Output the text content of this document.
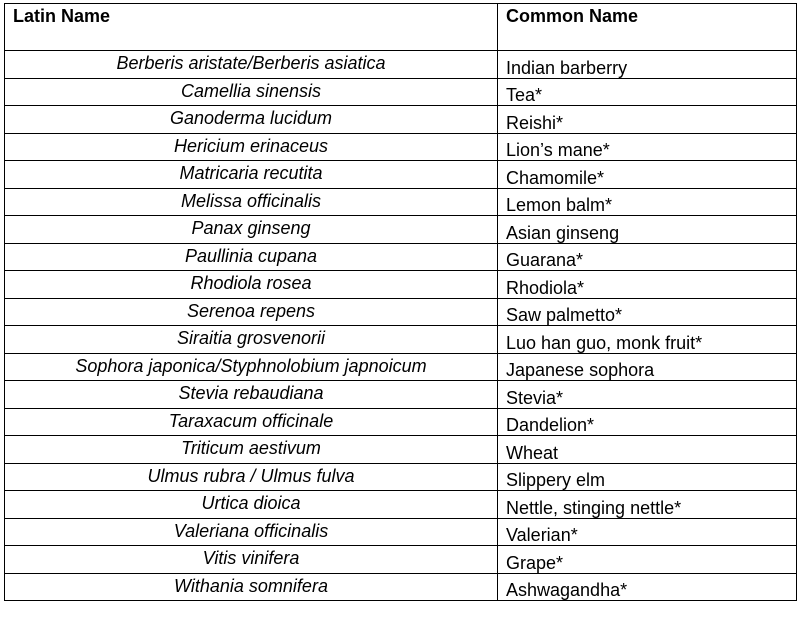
Latin Name	Common Name
Berberis aristate/Berberis asiatica	Indian barberry
Camellia sinensis	Tea*
Ganoderma lucidum	Reishi*
Hericium erinaceus	Lion’s mane*
Matricaria recutita	Chamomile*
Melissa officinalis	Lemon balm*
Panax ginseng	Asian ginseng
Paullinia cupana	Guarana*
Rhodiola rosea	Rhodiola*
Serenoa repens	Saw palmetto*
Siraitia grosvenorii	Luo han guo, monk fruit*
Sophora japonica/Styphnolobium japnoicum	Japanese sophora
Stevia rebaudiana	Stevia*
Taraxacum officinale	Dandelion*
Triticum aestivum	Wheat
Ulmus rubra / Ulmus fulva	Slippery elm
Urtica dioica	Nettle, stinging nettle*
Valeriana officinalis	Valerian*
Vitis vinifera	Grape*
Withania somnifera	Ashwagandha*
